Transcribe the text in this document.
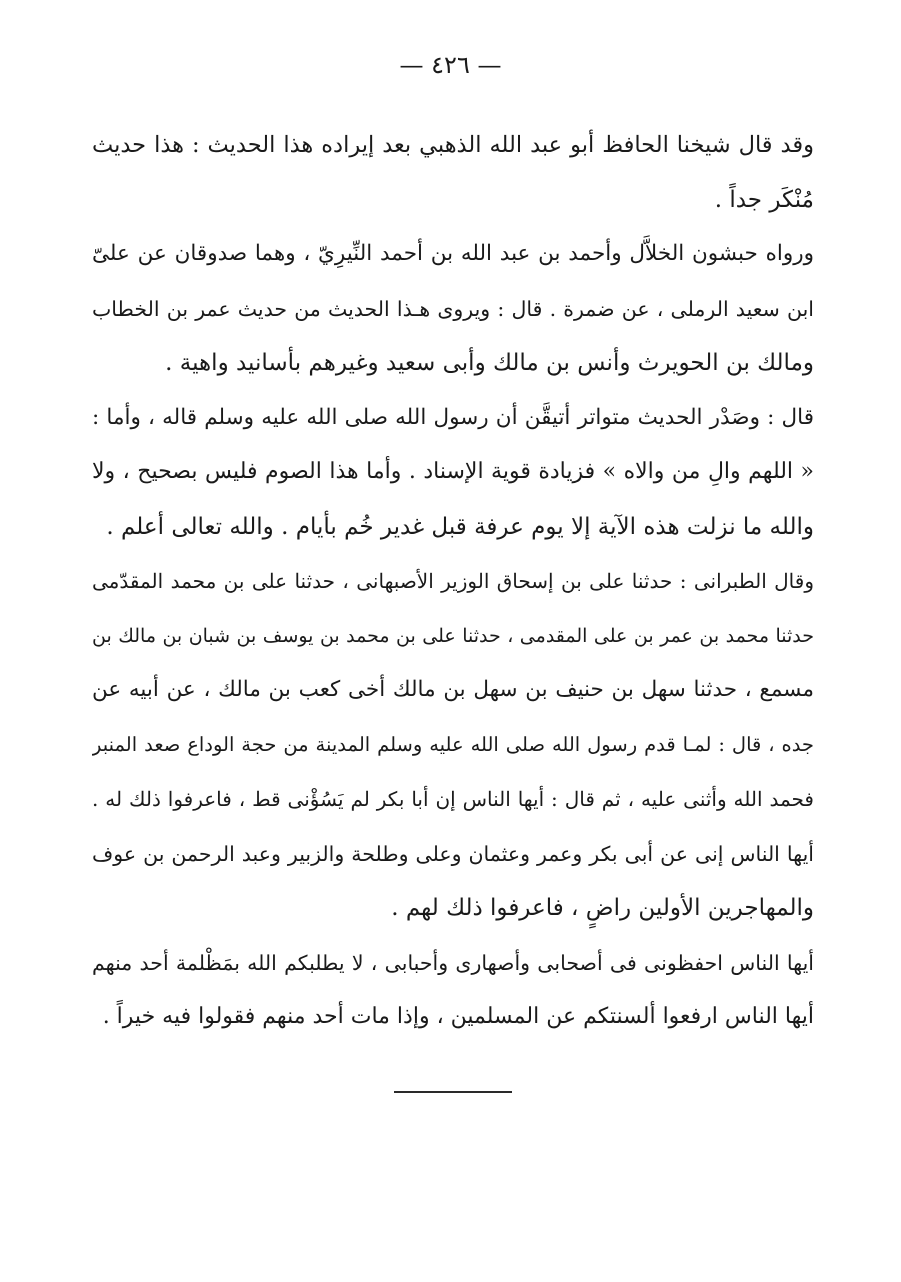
— ٤٢٦ —

وقد قال شيخنا الحافظ أبو عبد الله الذهبي بعد إيراده هذا الحديث : هذا حديث
مُنْكَر جداً .

ورواه حبشون الخلاَّل وأحمد بن عبد الله بن أحمد النِّيرِيّ ، وهما صدوقان عن علىّ
ابن سعيد الرملى ، عن ضمرة . قال : ويروى هـذا الحديث من حديث عمر بن الخطاب
ومالك بن الحويرث وأنس بن مالك وأبى سعيد وغيرهم بأسانيد واهية .

قال : وصَدْر الحديث متواتر أتيقَّن أن رسول الله صلى الله عليه وسلم قاله ، وأما :
« اللهم والِ من والاه » فزيادة قوية الإسناد . وأما هذا الصوم فليس بصحيح ، ولا
والله ما نزلت هذه الآية إلا يوم عرفة قبل غدير خُم بأيام . والله تعالى أعلم .

وقال الطبرانى : حدثنا على بن إسحاق الوزير الأصبهانى ، حدثنا على بن محمد المقدّمى
حدثنا محمد بن عمر بن على المقدمى ، حدثنا على بن محمد بن يوسف بن شبان بن مالك بن
مسمع ، حدثنا سهل بن حنيف بن سهل بن مالك أخى كعب بن مالك ، عن أبيه عن
جده ، قال : لمـا قدم رسول الله صلى الله عليه وسلم المدينة من حجة الوداع صعد المنبر
فحمد الله وأثنى عليه ، ثم قال : أيها الناس إن أبا بكر لم يَسُؤْنى قط ، فاعرفوا ذلك له .
أيها الناس إنى عن أبى بكر وعمر وعثمان وعلى وطلحة والزبير وعبد الرحمن بن عوف
والمهاجرين الأولين راضٍ ، فاعرفوا ذلك لهم .

أيها الناس احفظونى فى أصحابى وأصهارى وأحبابى ، لا يطلبكم الله بمَظْلمة أحد منهم
أيها الناس ارفعوا ألسنتكم عن المسلمين ، وإذا مات أحد منهم فقولوا فيه خيراً .
